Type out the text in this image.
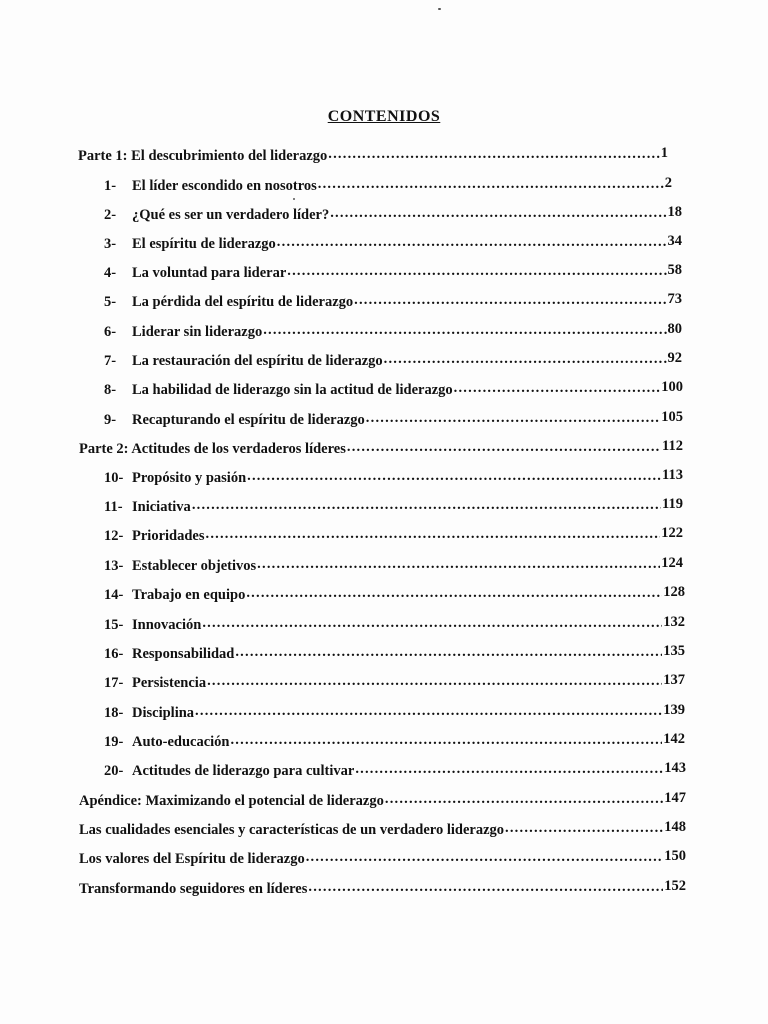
CONTENIDOS
Parte 1: El descubrimiento del liderazgo .....	1
1-	El líder escondido en nosotros .....	2
2-	¿Qué es ser un verdadero líder? .....	18
3-	El espíritu de liderazgo .....	34
4-	La voluntad para liderar .....	58
5-	La pérdida del espíritu de liderazgo .....	73
6-	Liderar sin liderazgo .....	80
7-	La restauración del espíritu de liderazgo .....	92
8-	La habilidad de liderazgo sin la actitud de liderazgo .....	100
9-	Recapturando el espíritu de liderazgo .....	105
Parte 2: Actitudes de los verdaderos líderes .....	112
10- Propósito y pasión .....	113
11- Iniciativa .....	119
12- Prioridades .....	122
13- Establecer objetivos .....	124
14- Trabajo en equipo .....	128
15- Innovación .....	132
16- Responsabilidad .....	135
17- Persistencia .....	137
18- Disciplina .....	139
19- Auto-educación .....	142
20- Actitudes de liderazgo para cultivar .....	143
Apéndice: Maximizando el potencial de liderazgo .....	147
Las cualidades esenciales y características de un verdadero liderazgo .....	148
Los valores del Espíritu de liderazgo .....	150
Transformando seguidores en líderes .....	152
